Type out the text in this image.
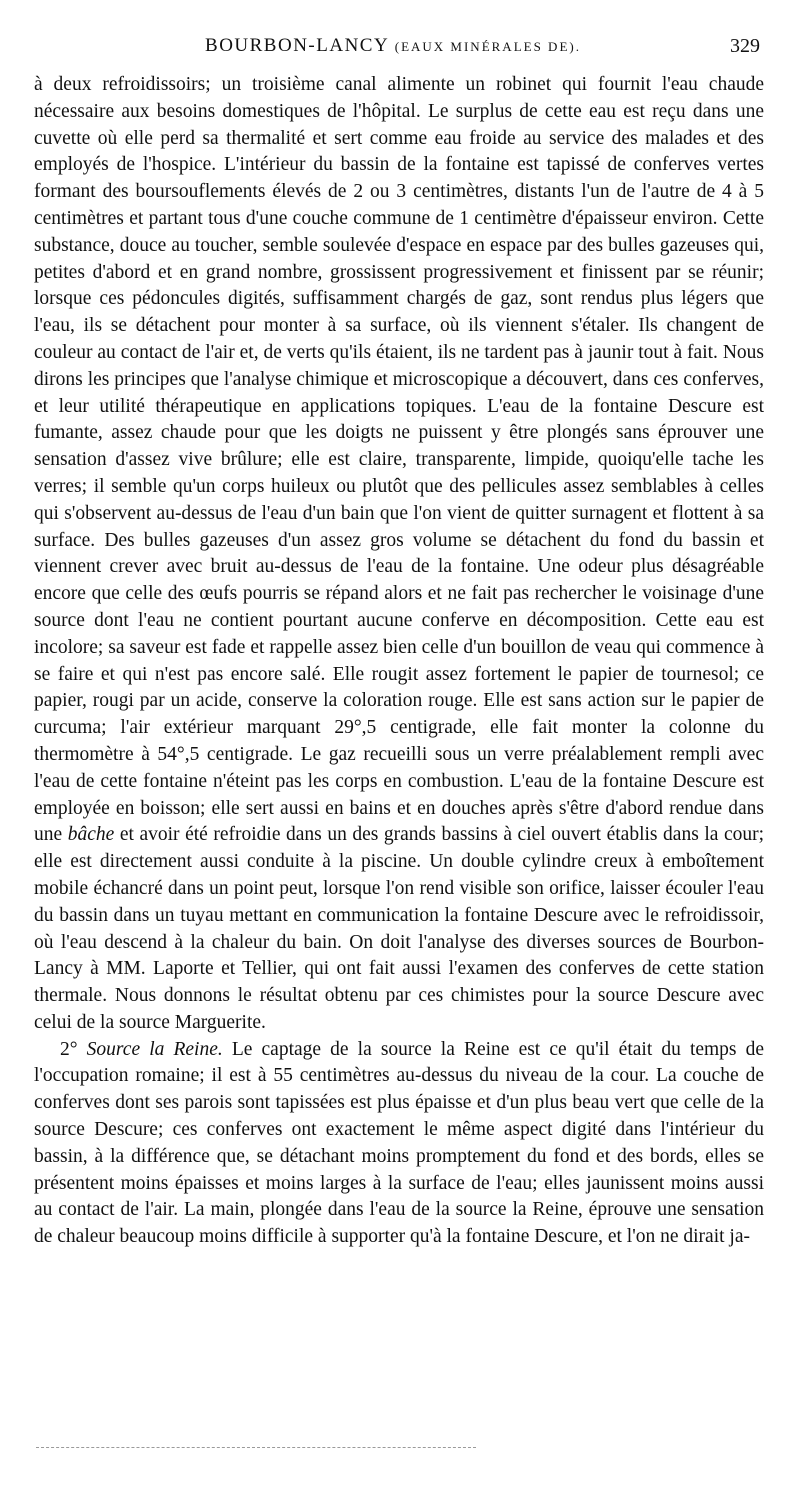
BOURBON-LANCY (EAUX MINÉRALES DE).	329

à deux refroidissoirs; un troisième canal alimente un robinet qui fournit l'eau chaude nécessaire aux besoins domestiques de l'hôpital. Le surplus de cette eau est reçu dans une cuvette où elle perd sa thermalité et sert comme eau froide au service des malades et des employés de l'hospice. L'intérieur du bassin de la fontaine est tapissé de conferves vertes formant des boursouflements élevés de 2 ou 3 centimètres, distants l'un de l'autre de 4 à 5 centimètres et partant tous d'une couche commune de 1 centimètre d'épaisseur environ. Cette substance, douce au toucher, semble soulevée d'espace en espace par des bulles gazeuses qui, petites d'abord et en grand nombre, grossissent progressivement et finissent par se réunir; lorsque ces pédoncules digités, suffisamment chargés de gaz, sont rendus plus légers que l'eau, ils se détachent pour monter à sa surface, où ils viennent s'étaler. Ils changent de couleur au contact de l'air et, de verts qu'ils étaient, ils ne tardent pas à jaunir tout à fait. Nous dirons les principes que l'analyse chimique et microscopique a découvert, dans ces conferves, et leur utilité thérapeutique en applications topiques. L'eau de la fontaine Descure est fumante, assez chaude pour que les doigts ne puissent y être plongés sans éprouver une sensation d'assez vive brûlure; elle est claire, transparente, limpide, quoiqu'elle tache les verres; il semble qu'un corps huileux ou plutôt que des pellicules assez semblables à celles qui s'observent au-dessus de l'eau d'un bain que l'on vient de quitter surnagent et flottent à sa surface. Des bulles gazeuses d'un assez gros volume se détachent du fond du bassin et viennent crever avec bruit au-dessus de l'eau de la fontaine. Une odeur plus désagréable encore que celle des œufs pourris se répand alors et ne fait pas rechercher le voisinage d'une source dont l'eau ne contient pourtant aucune conferve en décomposition. Cette eau est incolore; sa saveur est fade et rappelle assez bien celle d'un bouillon de veau qui commence à se faire et qui n'est pas encore salé. Elle rougit assez fortement le papier de tournesol; ce papier, rougi par un acide, conserve la coloration rouge. Elle est sans action sur le papier de curcuma; l'air extérieur marquant 29°,5 centigrade, elle fait monter la colonne du thermomètre à 54°,5 centigrade. Le gaz recueilli sous un verre préalablement rempli avec l'eau de cette fontaine n'éteint pas les corps en combustion. L'eau de la fontaine Descure est employée en boisson; elle sert aussi en bains et en douches après s'être d'abord rendue dans une bâche et avoir été refroidie dans un des grands bassins à ciel ouvert établis dans la cour; elle est directement aussi conduite à la piscine. Un double cylindre creux à emboîtement mobile échancré dans un point peut, lorsque l'on rend visible son orifice, laisser écouler l'eau du bassin dans un tuyau mettant en communication la fontaine Descure avec le refroidissoir, où l'eau descend à la chaleur du bain. On doit l'analyse des diverses sources de Bourbon-Lancy à MM. Laporte et Tellier, qui ont fait aussi l'examen des conferves de cette station thermale. Nous donnons le résultat obtenu par ces chimistes pour la source Descure avec celui de la source Marguerite.

2° Source la Reine. Le captage de la source la Reine est ce qu'il était du temps de l'occupation romaine; il est à 55 centimètres au-dessus du niveau de la cour. La couche de conferves dont ses parois sont tapissées est plus épaisse et d'un plus beau vert que celle de la source Descure; ces conferves ont exactement le même aspect digité dans l'intérieur du bassin, à la différence que, se détachant moins promptement du fond et des bords, elles se présentent moins épaisses et moins larges à la surface de l'eau; elles jaunissent moins aussi au contact de l'air. La main, plongée dans l'eau de la source la Reine, éprouve une sensation de chaleur beaucoup moins difficile à supporter qu'à la fontaine Descure, et l'on ne dirait ja-
